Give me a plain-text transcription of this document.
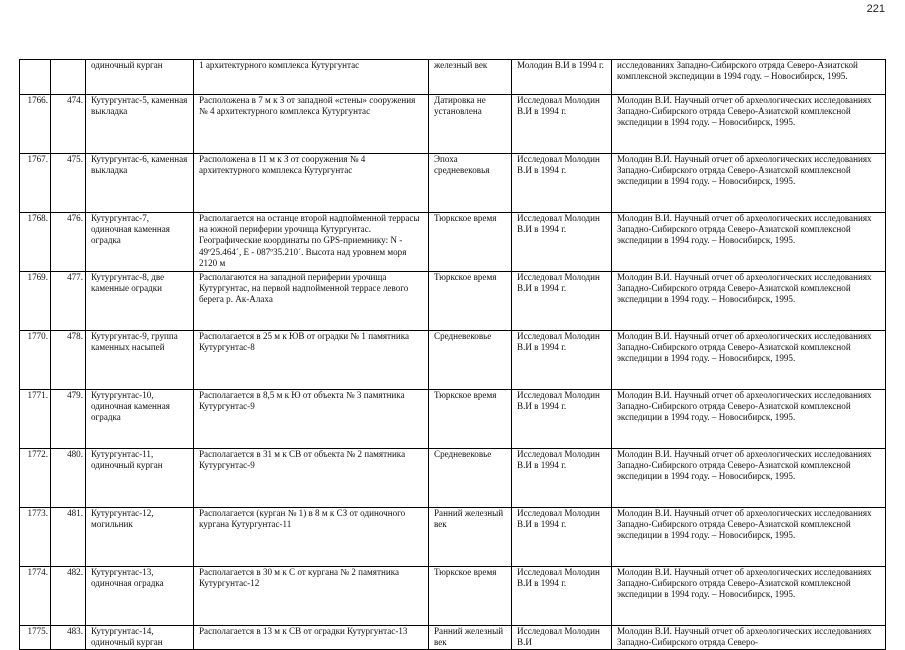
221
		одиночный курган	1 архитектурного комплекса Кутургунтас	железный век	Молодин В.И в 1994 г.	исследованиях Западно-Сибирского отряда Северо-Азиатской комплексной экспедиции в 1994 году. – Новосибирск, 1995.
1766.	474.	Кутургунтас-5, каменная выкладка	Расположена в 7 м к З от западной «стены» сооружения № 4 архитектурного комплекса Кутургунтас	Датировка не установлена	Исследовал Молодин В.И в 1994 г.	Молодин В.И. Научный отчет об археологических исследованиях Западно-Сибирского отряда Северо-Азиатской комплексной экспедиции в 1994 году. – Новосибирск, 1995.
1767.	475.	Кутургунтас-6, каменная выкладка	Расположена в 11 м к З от сооружения № 4 архитектурного комплекса Кутургунтас	Эпоха средневековья	Исследовал Молодин В.И в 1994 г.	Молодин В.И. Научный отчет об археологических исследованиях Западно-Сибирского отряда Северо-Азиатской комплексной экспедиции в 1994 году. – Новосибирск, 1995.
1768.	476.	Кутургунтас-7, одиночная каменная оградка	Располагается на останце второй надпойменной террасы на южной периферии урочища Кутургунтас. Географические координаты по GPS-приемнику: N - 49º25.464´, E - 087º35.210´. Высота над уровнем моря 2120 м	Тюркское время	Исследовал Молодин В.И в 1994 г.	Молодин В.И. Научный отчет об археологических исследованиях Западно-Сибирского отряда Северо-Азиатской комплексной экспедиции в 1994 году. – Новосибирск, 1995.
1769.	477.	Кутургунтас-8, две каменные оградки	Располагаются на западной периферии урочища Кутургунтас, на первой надпойменной террасе левого берега р. Ак-Алаха	Тюркское время	Исследовал Молодин В.И в 1994 г.	Молодин В.И. Научный отчет об археологических исследованиях Западно-Сибирского отряда Северо-Азиатской комплексной экспедиции в 1994 году. – Новосибирск, 1995.
1770.	478.	Кутургунтас-9, группа каменных насыпей	Располагается в 25 м к ЮВ от оградки № 1 памятника Кутургунтас-8	Средневековье	Исследовал Молодин В.И в 1994 г.	Молодин В.И. Научный отчет об археологических исследованиях Западно-Сибирского отряда Северо-Азиатской комплексной экспедиции в 1994 году. – Новосибирск, 1995.
1771.	479.	Кутургунтас-10, одиночная каменная оградка	Располагается в 8,5 м к Ю от объекта № 3 памятника Кутургунтас-9	Тюркское время	Исследовал Молодин В.И в 1994 г.	Молодин В.И. Научный отчет об археологических исследованиях Западно-Сибирского отряда Северо-Азиатской комплексной экспедиции в 1994 году. – Новосибирск, 1995.
1772.	480.	Кутургунтас-11, одиночный курган	Располагается в 31 м к СВ от объекта № 2 памятника Кутургунтас-9	Средневековье	Исследовал Молодин В.И в 1994 г.	Молодин В.И. Научный отчет об археологических исследованиях Западно-Сибирского отряда Северо-Азиатской комплексной экспедиции в 1994 году. – Новосибирск, 1995.
1773.	481.	Кутургунтас-12, могильник	Располагается (курган № 1) в 8 м к СЗ от одиночного кургана Кутургунтас-11	Ранний железный век	Исследовал Молодин В.И в 1994 г.	Молодин В.И. Научный отчет об археологических исследованиях Западно-Сибирского отряда Северо-Азиатской комплексной экспедиции в 1994 году. – Новосибирск, 1995.
1774.	482.	Кутургунтас-13, одиночная оградка	Располагается в 30 м к С от кургана № 2 памятника Кутургунтас-12	Тюркское время	Исследовал Молодин В.И в 1994 г.	Молодин В.И. Научный отчет об археологических исследованиях Западно-Сибирского отряда Северо-Азиатской комплексной экспедиции в 1994 году. – Новосибирск, 1995.
1775.	483.	Кутургунтас-14, одиночный курган	Располагается в 13 м к СВ от оградки Кутургунтас-13	Ранний железный век	Исследовал Молодин В.И	Молодин В.И. Научный отчет об археологических исследованиях Западно-Сибирского отряда Северо-
